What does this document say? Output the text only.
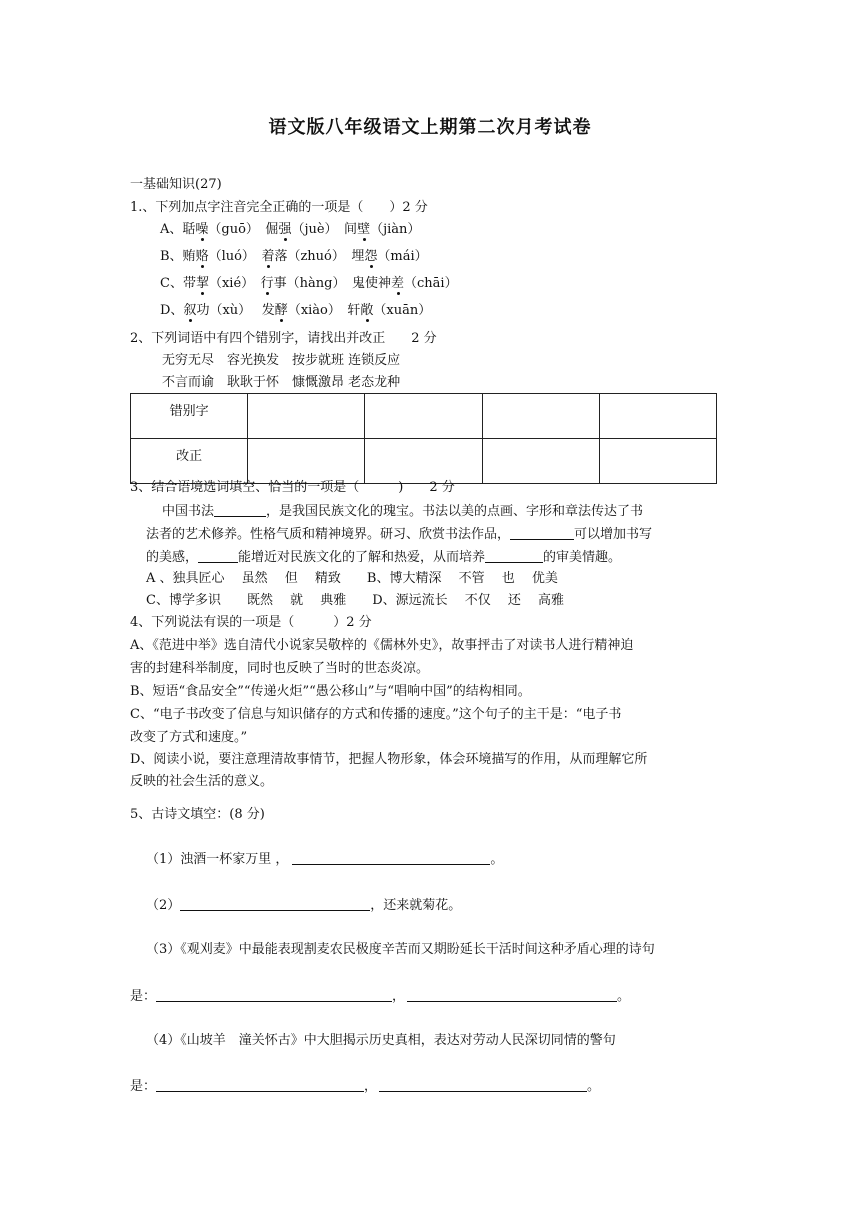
语文版八年级语文上期第二次月考试卷
一基础知识(27)
1.、下列加点字注音完全正确的一项是（　　）2 分
A、聒噪（guō）　倔强（juè）　间壁（jiàn）
B、贿赂（luó）　着落（zhuó）　埋怨（mái）
C、带挈（xié）　行事（hàng）　鬼使神差（chāi）
D、叙功（xù）　 发酵（xiào）　轩敞（xuān）
2、下列词语中有四个错别字，请找出并改正　　2 分
无穷无尽　容光换发　按步就班 连锁反应
不言而谕　耿耿于怀　慷慨激昂 老态龙种
错别字				
改正				
3、结合语境选词填空、恰当的一项是（　　　)　　2 分
中国书法	，是我国民族文化的瑰宝。书法以美的点画、字形和章法传达了书
法者的艺术修养。性格气质和精神境界。研习、欣赏书法作品，	可以增加书写
的美感，	能增近对民族文化的了解和热爱，从而培养	的审美情趣。
A 、独具匠心　 虽然　 但　 精致　　B、博大精深　 不管　 也　 优美
C、博学多识　　既然　 就　 典雅　　D、源远流长　 不仅　 还　 高雅
4、下列说法有误的一项是（　　　）2 分
A、《范进中举》选自清代小说家吴敬梓的《儒林外史》，故事抨击了对读书人进行精神迫
害的封建科举制度，同时也反映了当时的世态炎凉。
B、短语“食品安全”“传递火炬”“愚公移山”与“唱响中国”的结构相同。
C、“电子书改变了信息与知识储存的方式和传播的速度。”这个句子的主干是：“电子书
改变了方式和速度。”
D、阅读小说，要注意理清故事情节，把握人物形象，体会环境描写的作用，从而理解它所
反映的社会生活的意义。
5、古诗文填空：(8 分)
（1）浊酒一杯家万里 ，	。
（2）	，还来就菊花。
（3）《观刈麦》中最能表现割麦农民极度辛苦而又期盼延长干活时间这种矛盾心理的诗句
是：	，	。
（4）《山坡羊　潼关怀古》中大胆揭示历史真相，表达对劳动人民深切同情的警句
是：	，	。
